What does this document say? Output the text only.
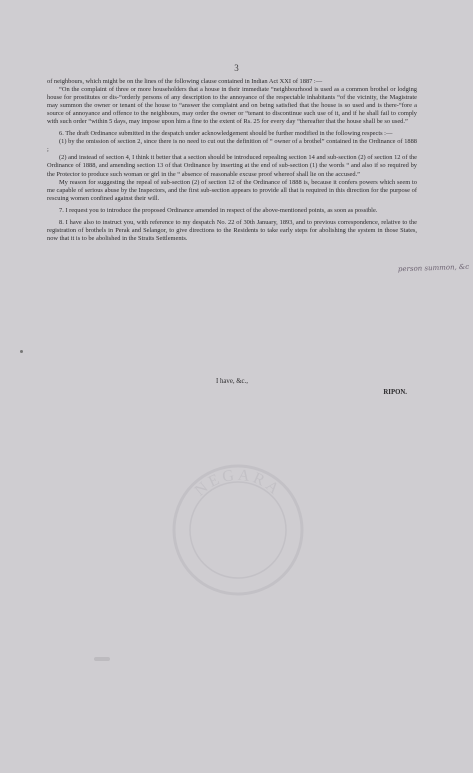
3

of neighbours, which might be on the lines of the following clause contained in Indian Act XXI of 1887 :—

“On the complaint of three or more householders that a house in their immediate “neighbourhood is used as a common brothel or lodging house for prostitutes or dis-“orderly persons of any description to the annoyance of the respectable inhabitants “of the vicinity, the Magistrate may summon the owner or tenant of the house to “answer the complaint and on being satisfied that the house is so used and is there-“fore a source of annoyance and offence to the neighbours, may order the owner or “tenant to discontinue such use of it, and if he shall fail to comply with such order “within 5 days, may impose upon him a fine to the extent of Rs. 25 for every day “thereafter that the house shall be so used.”

6. The draft Ordinance submitted in the despatch under acknowledgement should be further modified in the following respects :—

(1) by the omission of section 2, since there is no need to cut out the definition of “ owner of a brothel” contained in the Ordinance of 1888 ;

(2) and instead of section 4, I think it better that a section should be introduced repealing section 14 and sub-section (2) of section 12 of the Ordinance of 1888, and amending section 13 of that Ordinance by inserting at the end of sub-section (1) the words “ and also if so required by the Protector to produce such woman or girl in the “ absence of reasonable excuse proof whereof shall lie on the accused.”

My reason for suggesting the repeal of sub-section (2) of section 12 of the Ordinance of 1888 is, because it confers powers which seem to me capable of serious abuse by the Inspectors, and the first sub-section appears to provide all that is required in this direction for the purpose of rescuing women confined against their will.

7. I request you to introduce the proposed Ordinance amended in respect of the above-mentioned points, as soon as possible.

8. I have also to instruct you, with reference to my despatch No. 22 of 30th January, 1893, and to previous correspondence, relative to the registration of brothels in Perak and Selangor, to give directions to the Residents to take early steps for abolishing the system in those States, now that it is to be abolished in the Straits Settlements.

I have, &c.,
RIPON.
person summon, &c
NEGARA
